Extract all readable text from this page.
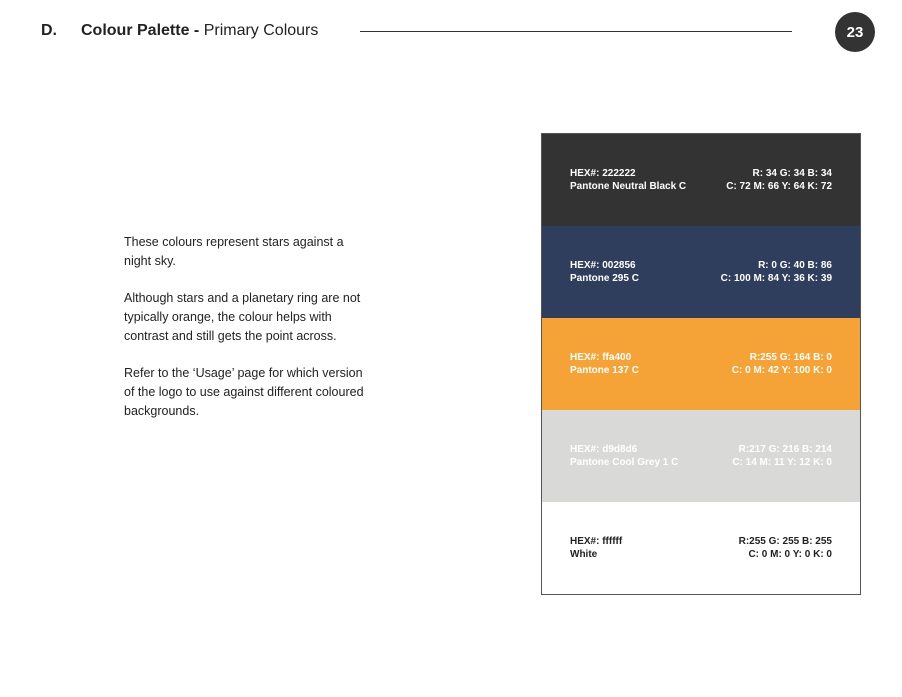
D. Colour Palette - Primary Colours	23

These colours represent stars against a night sky.

Although stars and a planetary ring are not typically orange, the colour helps with contrast and still gets the point across.

Refer to the ‘Usage’ page for which version of the logo to use against different coloured backgrounds.

HEX#: 222222
Pantone Neutral Black C
R: 34 G: 34 B: 34
C: 72 M: 66 Y: 64 K: 72
HEX#: 002856
Pantone 295 C
R: 0 G: 40 B: 86
C: 100 M: 84 Y: 36 K: 39
HEX#: ffa400
Pantone 137 C
R:255 G: 164 B: 0
C: 0 M: 42 Y: 100 K: 0
HEX#: d9d8d6
Pantone Cool Grey 1 C
R:217 G: 216 B: 214
C: 14 M: 11 Y: 12 K: 0
HEX#: ffffff
White
R:255 G: 255 B: 255
C: 0 M: 0 Y: 0 K: 0
